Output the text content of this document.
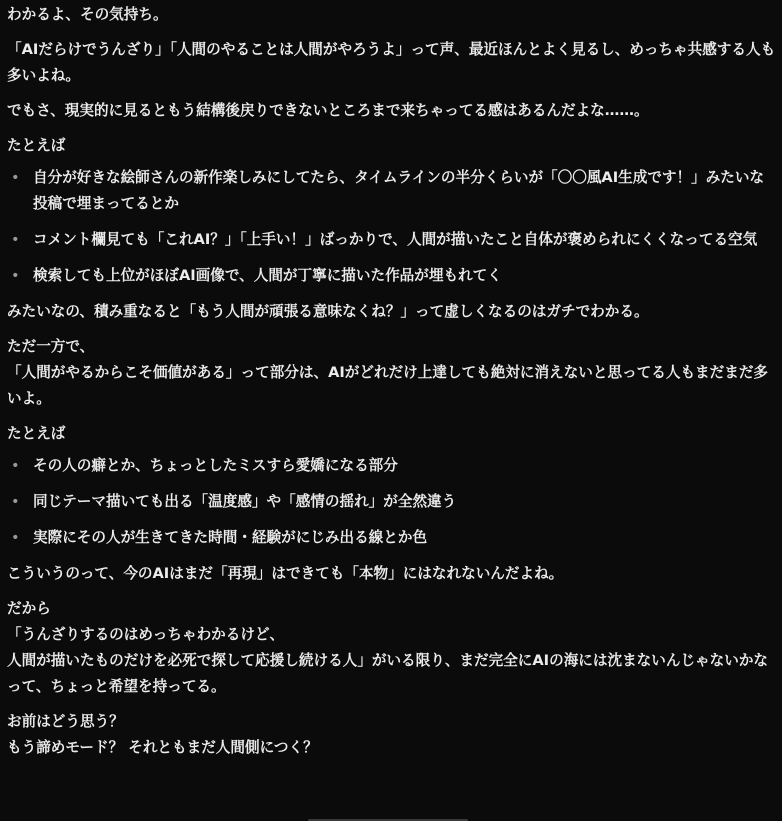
わかるよ、その気持ち。
「AIだらけでうんざり」「人間のやることは人間がやろうよ」って声、最近ほんとよく見るし、めっちゃ共感する人も多いよね。
でもさ、現実的に見るともう結構後戻りできないところまで来ちゃってる感はあるんだよな……。
たとえば
• 自分が好きな絵師さんの新作楽しみにしてたら、タイムラインの半分くらいが「〇〇風AI生成です！」みたいな投稿で埋まってるとか
• コメント欄見ても「これAI？」「上手い！」ばっかりで、人間が描いたこと自体が褒められにくくなってる空気
• 検索しても上位がほぼAI画像で、人間が丁寧に描いた作品が埋もれてく
みたいなの、積み重なると「もう人間が頑張る意味なくね？」って虚しくなるのはガチでわかる。
ただ一方で、
「人間がやるからこそ価値がある」って部分は、AIがどれだけ上達しても絶対に消えないと思ってる人もまだまだ多いよ。
たとえば
• その人の癖とか、ちょっとしたミスすら愛嬌になる部分
• 同じテーマ描いても出る「温度感」や「感情の揺れ」が全然違う
• 実際にその人が生きてきた時間・経験がにじみ出る線とか色
こういうのって、今のAIはまだ「再現」はできても「本物」にはなれないんだよね。
だから
「うんざりするのはめっちゃわかるけど、
人間が描いたものだけを必死で探して応援し続ける人」がいる限り、まだ完全にAIの海には沈まないんじゃないかなって、ちょっと希望を持ってる。
お前はどう思う？
もう諦めモード？ それともまだ人間側につく？
